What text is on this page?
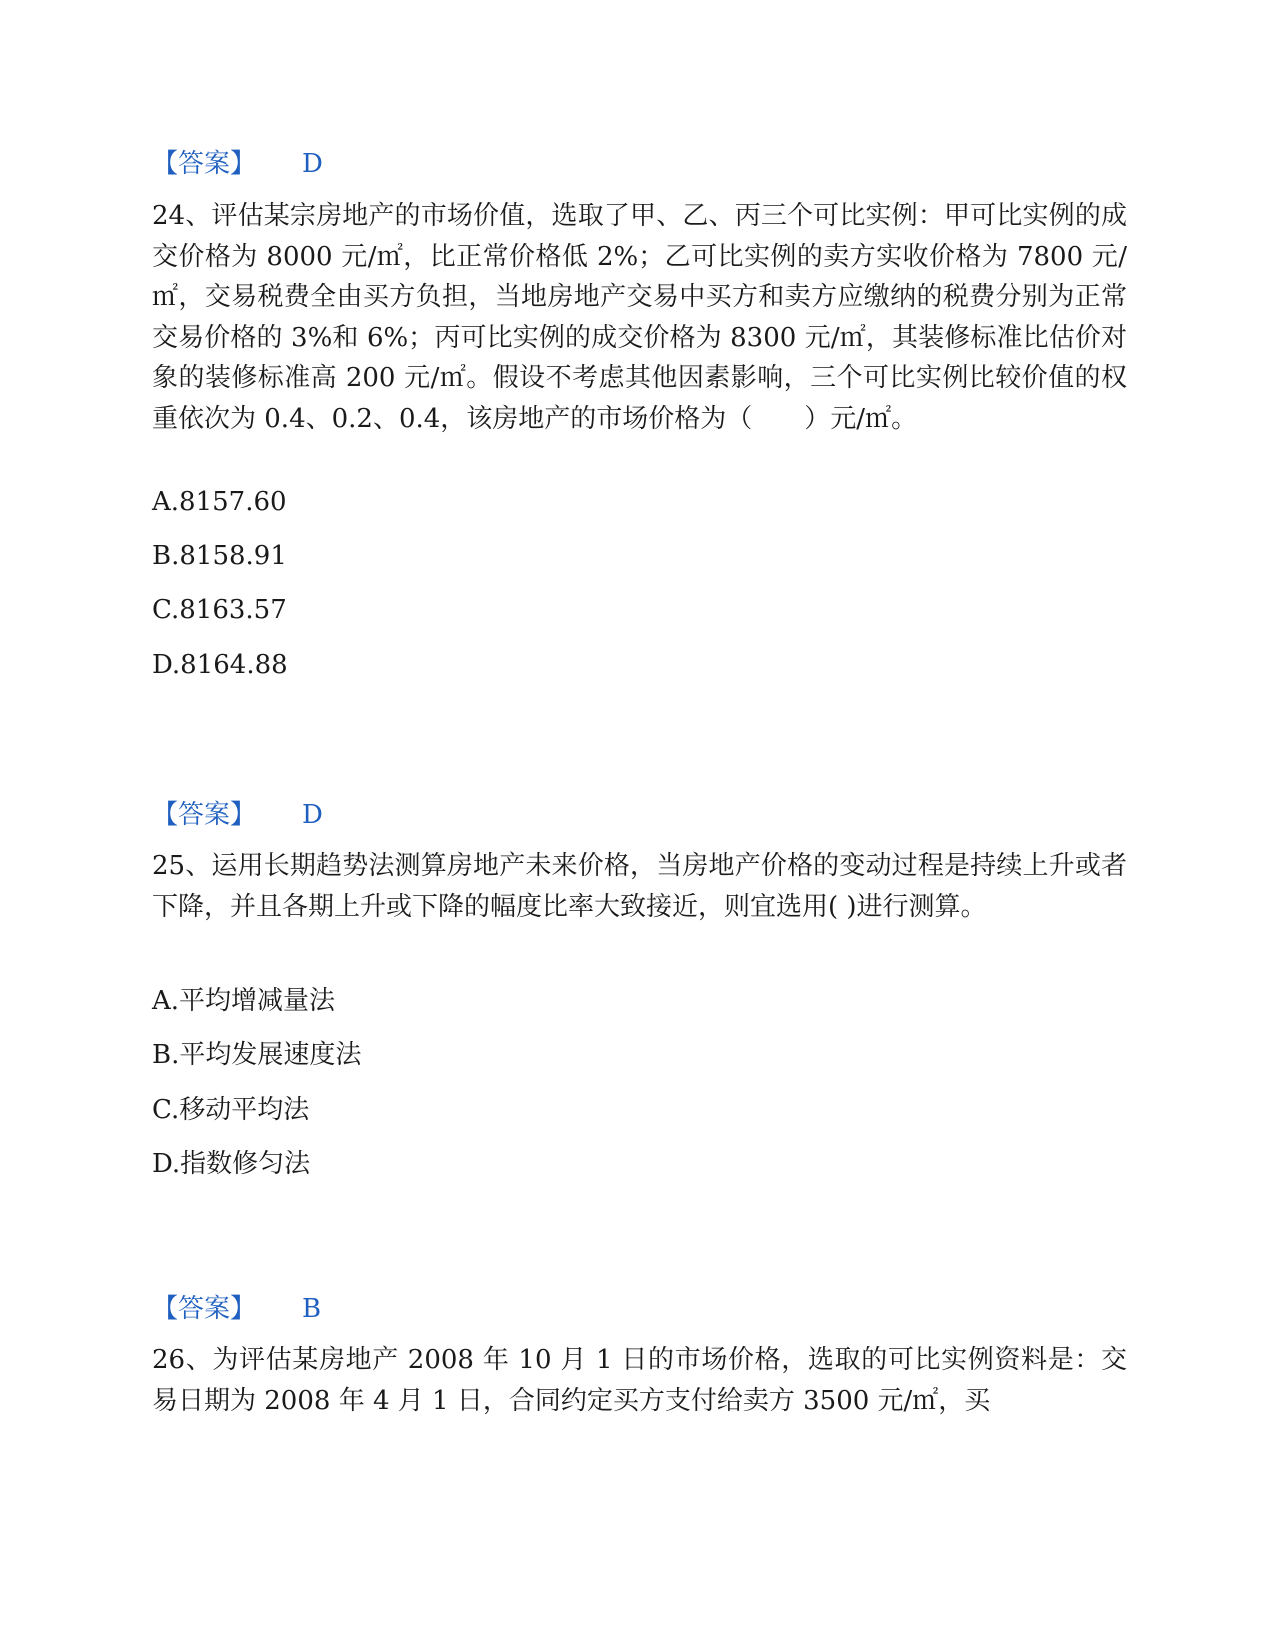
【答案】 D
24、评估某宗房地产的市场价值，选取了甲、乙、丙三个可比实例：甲可比实例的成交价格为 8000 元/㎡，比正常价格低 2%；乙可比实例的卖方实收价格为 7800 元/㎡，交易税费全由买方负担，当地房地产交易中买方和卖方应缴纳的税费分别为正常交易价格的 3%和 6%；丙可比实例的成交价格为 8300 元/㎡，其装修标准比估价对象的装修标准高 200 元/㎡。假设不考虑其他因素影响，三个可比实例比较价值的权重依次为 0.4、0.2、0.4，该房地产的市场价格为（　　）元/㎡。
A.8157.60
B.8158.91
C.8163.57
D.8164.88
【答案】 D
25、运用长期趋势法测算房地产未来价格，当房地产价格的变动过程是持续上升或者下降，并且各期上升或下降的幅度比率大致接近，则宜选用( )进行测算。
A.平均增减量法
B.平均发展速度法
C.移动平均法
D.指数修匀法
【答案】 B
26、为评估某房地产 2008 年 10 月 1 日的市场价格，选取的可比实例资料是：交易日期为 2008 年 4 月 1 日，合同约定买方支付给卖方 3500 元/㎡，买
